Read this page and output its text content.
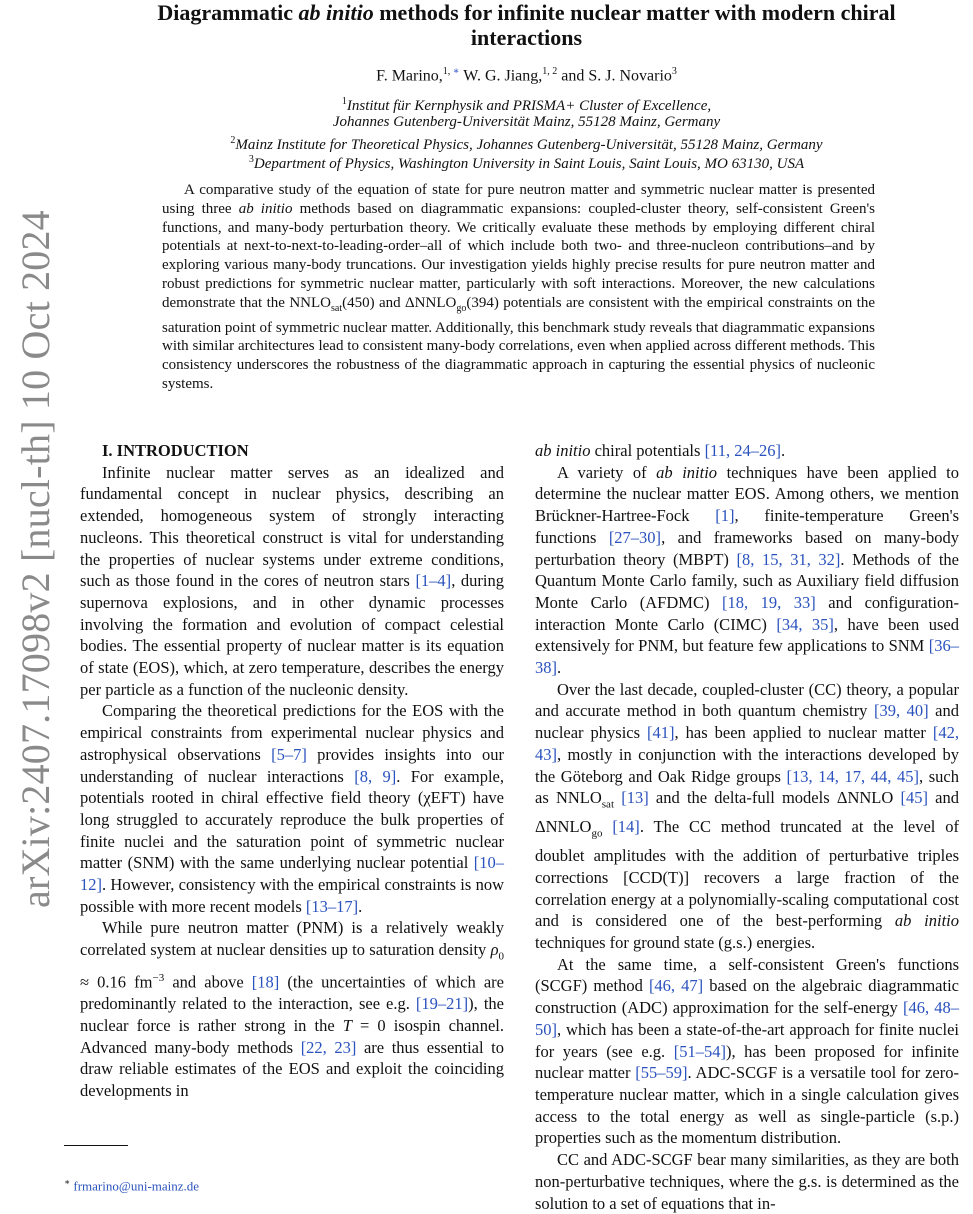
arXiv:2407.17098v2 [nucl-th] 10 Oct 2024
Diagrammatic ab initio methods for infinite nuclear matter with modern chiral
interactions
F. Marino,$^{1, ∗}$ W. G. Jiang,$^{1, 2}$ and S. J. Novario$^3$
$^1$Institut für Kernphysik and PRISMA+ Cluster of Excellence,
Johannes Gutenberg-Universität Mainz, 55128 Mainz, Germany
$^2$Mainz Institute for Theoretical Physics, Johannes Gutenberg-Universität, 55128 Mainz, Germany
$^3$Department of Physics, Washington University in Saint Louis, Saint Louis, MO 63130, USA
A comparative study of the equation of state for pure neutron matter and symmetric nuclear matter is presented using three ab initio methods based on diagrammatic expansions: coupled-cluster theory, self-consistent Green's functions, and many-body perturbation theory. We critically evaluate these methods by employing different chiral potentials at next-to-next-to-leading-order–all of which include both two- and three-nucleon contributions–and by exploring various many-body truncations. Our investigation yields highly precise results for pure neutron matter and robust predictions for symmetric nuclear matter, particularly with soft interactions. Moreover, the new calculations demonstrate that the $NNLO_{sat}(450)$ and $\Delta NNLO_{go}(394)$ potentials are consistent with the empirical constraints on the saturation point of symmetric nuclear matter. Additionally, this benchmark study reveals that diagrammatic expansions with similar architectures lead to consistent many-body correlations, even when applied across different methods. This consistency underscores the robustness of the diagrammatic approach in capturing the essential physics of nucleonic systems.

I. INTRODUCTION

Infinite nuclear matter serves as an idealized and fundamental concept in nuclear physics, describing an extended, homogeneous system of strongly interacting nucleons. This theoretical construct is vital for understanding the properties of nuclear systems under extreme conditions, such as those found in the cores of neutron stars [1–4], during supernova explosions, and in other dynamic processes involving the formation and evolution of compact celestial bodies. The essential property of nuclear matter is its equation of state (EOS), which, at zero temperature, describes the energy per particle as a function of the nucleonic density.

Comparing the theoretical predictions for the EOS with the empirical constraints from experimental nuclear physics and astrophysical observations [5–7] provides insights into our understanding of nuclear interactions [8, 9]. For example, potentials rooted in chiral effective field theory (χEFT) have long struggled to accurately reproduce the bulk properties of finite nuclei and the saturation point of symmetric nuclear matter (SNM) with the same underlying nuclear potential [10–12]. However, consistency with the empirical constraints is now possible with more recent models [13–17].

While pure neutron matter (PNM) is a relatively weakly correlated system at nuclear densities up to saturation density $\rho_0 \approx 0.16$ $fm^{-3}$ and above [18] (the uncertainties of which are predominantly related to the interaction, see e.g. [19–21]), the nuclear force is rather strong in the T = 0 isospin channel. Advanced many-body methods [22, 23] are thus essential to draw reliable estimates of the EOS and exploit the coinciding developments in

ab initio chiral potentials [11, 24–26].

A variety of ab initio techniques have been applied to determine the nuclear matter EOS. Among others, we mention Brückner-Hartree-Fock [1], finite-temperature Green's functions [27–30], and frameworks based on many-body perturbation theory (MBPT) [8, 15, 31, 32]. Methods of the Quantum Monte Carlo family, such as Auxiliary field diffusion Monte Carlo (AFDMC) [18, 19, 33] and configuration-interaction Monte Carlo (CIMC) [34, 35], have been used extensively for PNM, but feature few applications to SNM [36–38].

Over the last decade, coupled-cluster (CC) theory, a popular and accurate method in both quantum chemistry [39, 40] and nuclear physics [41], has been applied to nuclear matter [42, 43], mostly in conjunction with the interactions developed by the Göteborg and Oak Ridge groups [13, 14, 17, 44, 45], such as $NNLO_{sat}$ [13] and the delta-full models ΔNNLO [45] and $\Delta NNLO_{go}$ [14]. The CC method truncated at the level of doublet amplitudes with the addition of perturbative triples corrections [CCD(T)] recovers a large fraction of the correlation energy at a polynomially-scaling computational cost and is considered one of the best-performing ab initio techniques for ground state (g.s.) energies.

At the same time, a self-consistent Green's functions (SCGF) method [46, 47] based on the algebraic diagrammatic construction (ADC) approximation for the self-energy [46, 48–50], which has been a state-of-the-art approach for finite nuclei for years (see e.g. [51–54]), has been proposed for infinite nuclear matter [55–59]. ADC-SCGF is a versatile tool for zero-temperature nuclear matter, which in a single calculation gives access to the total energy as well as single-particle (s.p.) properties such as the momentum distribution.

CC and ADC-SCGF bear many similarities, as they are both non-perturbative techniques, where the g.s. is determined as the solution to a set of equations that in-

∗ frmarino@uni-mainz.de
